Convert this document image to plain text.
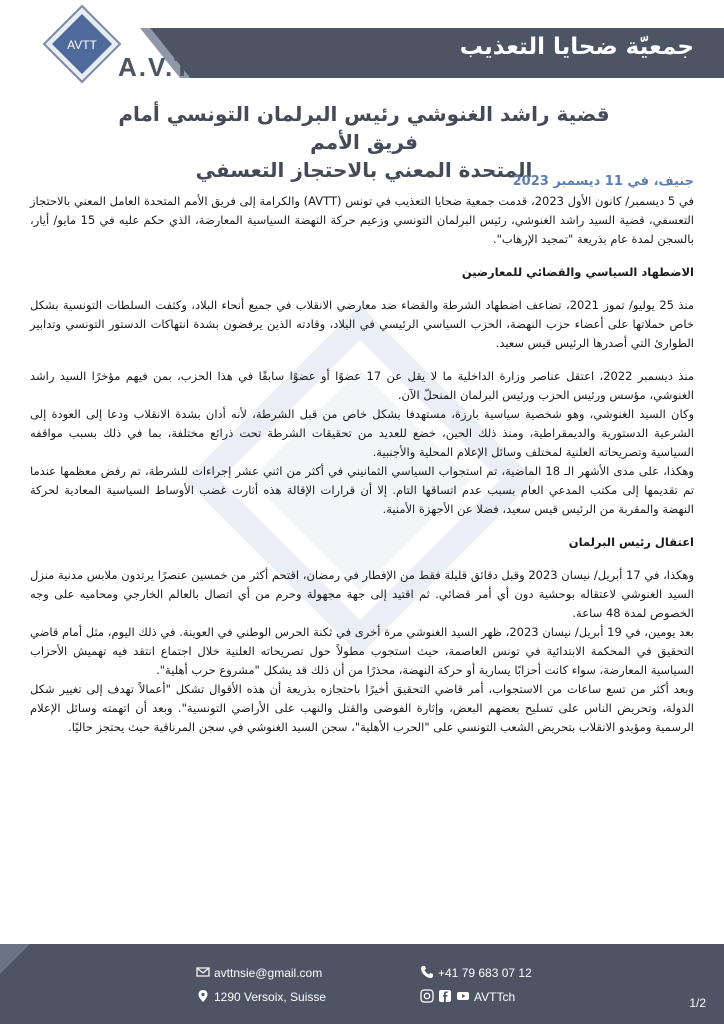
جمعيّة ضحايا التعذيب
A.V.T.T
AVTT
قضية راشد الغنوشي رئيس البرلمان التونسي أمام فريق الأمم
المتحدة المعني بالاحتجاز التعسفي
جنيف، في 11 ديسمبر 2023

في 5 ديسمبر/ كانون الأول 2023، قدمت جمعية ضحايا التعذيب في تونس (AVTT) والكرامة إلى فريق الأمم المتحدة العامل المعني بالاحتجاز التعسفي، قضية السيد راشد الغنوشي، رئيس البرلمان التونسي وزعيم حركة النهضة السياسية المعارضة، الذي حكم عليه في 15 مايو/ أيار، بالسجن لمدة عام بذريعة "تمجيد الإرهاب".

الاضطهاد السياسي والقضائي للمعارضين

منذ 25 يوليو/ تموز 2021، تضاعف اضطهاد الشرطة والقضاء ضد معارضي الانقلاب في جميع أنحاء البلاد، وكثفت السلطات التونسية بشكل خاص حملاتها على أعضاء حزب النهضة، الحزب السياسي الرئيسي في البلاد، وقادته الذين يرفضون بشدة انتهاكات الدستور التونسي وتدابير الطوارئ التي أصدرها الرئيس قيس سعيد.

منذ ديسمبر 2022، اعتقل عناصر وزارة الداخلية ما لا يقل عن 17 عضوًا أو عضوًا سابقًا في هذا الحزب، بمن فيهم مؤخرًا السيد راشد الغنوشي، مؤسس ورئيس الحزب ورئيس البرلمان المنحلّ الآن.

وكان السيد الغنوشي، وهو شخصية سياسية بارزة، مستهدفا بشكل خاص من قبل الشرطة، لأنه أدان بشدة الانقلاب ودعا إلى العودة إلى الشرعية الدستورية والديمقراطية، ومنذ ذلك الحين، خضع للعديد من تحقيقات الشرطة تحت ذرائع مختلفة، بما في ذلك بسبب مواقفه السياسية وتصريحاته العلنية لمختلف وسائل الإعلام المحلية والأجنبية.

وهكذا، على مدى الأشهر الـ 18 الماضية، تم استجواب السياسي الثمانيني في أكثر من اثني عشر إجراءات للشرطة، تم رفض معظمها عندما تم تقديمها إلى مكتب المدعي العام بسبب عدم اتساقها التام. إلا أن قرارات الإقالة هذه أثارت غضب الأوساط السياسية المعادية لحركة النهضة والمقربة من الرئيس قيس سعيد، فضلا عن الأجهزة الأمنية.

اعتقال رئيس البرلمان

وهكذا، في 17 أبريل/ نيسان 2023 وقبل دقائق قليلة فقط من الإفطار في رمضان، اقتحم أكثر من خمسين عنصرًا يرتدون ملابس مدنية منزل السيد الغنوشي لاعتقاله بوحشية دون أي أمر قضائي. ثم اقتيد إلى جهة مجهولة وحرم من أي اتصال بالعالم الخارجي ومحاميه على وجه الخصوص لمدة 48 ساعة.

بعد يومين، في 19 أبريل/ نيسان 2023، ظهر السيد الغنوشي مرة أخرى في ثكنة الحرس الوطني في العوينة. في ذلك اليوم، مثل أمام قاضي التحقيق في المحكمة الابتدائية في تونس العاصمة، حيث استجوب مطولاً حول تصريحاته العلنية خلال اجتماع انتقد فيه تهميش الأحزاب السياسية المعارضة، سواء كانت أحزابًا يسارية أو حركة النهضة، محذرًا من أن ذلك قد يشكل "مشروع حرب أهلية".

وبعد أكثر من تسع ساعات من الاستجواب، أمر قاضي التحقيق أخيرًا باحتجازه بذريعة أن هذه الأقوال تشكل "أعمالاً تهدف إلى تغيير شكل الدولة، وتحريض الناس على تسليح بعضهم البعض، وإثارة الفوضى والقتل والنهب على الأراضي التونسية". وبعد أن اتهمته وسائل الإعلام الرسمية ومؤيدو الانقلاب بتحريض الشعب التونسي على "الحرب الأهلية"، سجن السيد الغنوشي في سجن المرناقية حيث يحتجز حاليًا.

avttnsie@gmail.com
1290 Versoix, Suisse
+41 79 683 07 12
AVTTch	1/2
